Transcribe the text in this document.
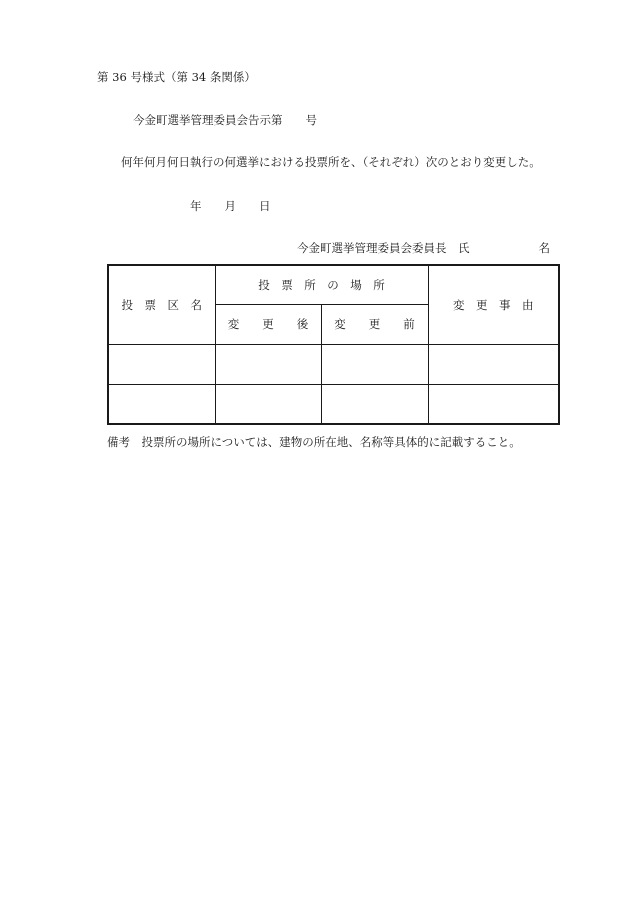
第 36 号様式（第 34 条関係）
今金町選挙管理委員会告示第　　号
何年何月何日執行の何選挙における投票所を、（それぞれ）次のとおり変更した。
年　　月　　日
今金町選挙管理委員会委員長　氏　　　　　　名
投　票　区　名	投　票　所　の　場　所		変　更　事　由
	変　　更　　後	変　　更　　前	

備考　投票所の場所については、建物の所在地、名称等具体的に記載すること。
